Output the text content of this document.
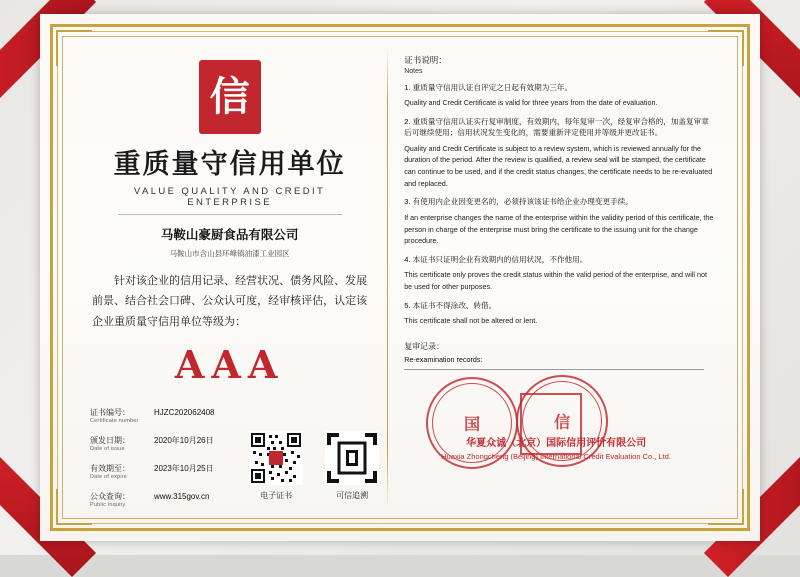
信
重质量守信用单位
VALUE QUALITY AND CREDIT ENTERPRISE
马鞍山豪厨食品有限公司
马鞍山市含山县环峰镇油漆工业园区
针对该企业的信用记录、经营状况、债务风险、发展前景、结合社会口碑、公众认可度，经审核评估，认定该企业重质量守信用单位等级为：
AAA
证书编号：
Certificate number
HJZC202062408
颁发日期：
Date of issue
2020年10月26日
有效期至：
Date of expire
2023年10月25日
公众查询：
Public inquiry
www.315gov.cn	电子证书	可信追溯
证书说明：
Notes
1. 重质量守信用认证自评定之日起有效期为三年。
Quality and Credit Certificate is valid for three years from the date of evaluation.
2. 重质量守信用认证实行复审制度，有效期内，每年复审一次，经复审合格的，加盖复审章后可继续使用；信用状况发生变化的，需要重新评定使用并等级并更改证书。
Quality and Credit Certificate is subject to a review system, which is reviewed annually for the duration of the period. After the review is qualified, a review seal will be stamped, the certificate can continue to be used, and if the credit status changes, the certificate needs to be re-evaluated and replaced.
3. 有使用内企业因变更名的，必须持该该证书给企业办理变更手续。
If an enterprise changes the name of the enterprise within the validity period of this certificate, the person in charge of the enterprise must bring the certificate to the issuing unit for the change procedure.
4. 本证书只证明企业有效期内的信用状况，不作他用。
This certificate only proves the credit status within the valid period of the enterprise, and will not be used for other purposes.
5. 本证书不得涂改、转借。
This certificate shall not be altered or lent.
复审记录：
Re-examination records:
国	信
华夏众诚（北京）国际信用评价有限公司
Huaxia Zhongcheng (Beijing) International Credit Evaluation Co., Ltd.
